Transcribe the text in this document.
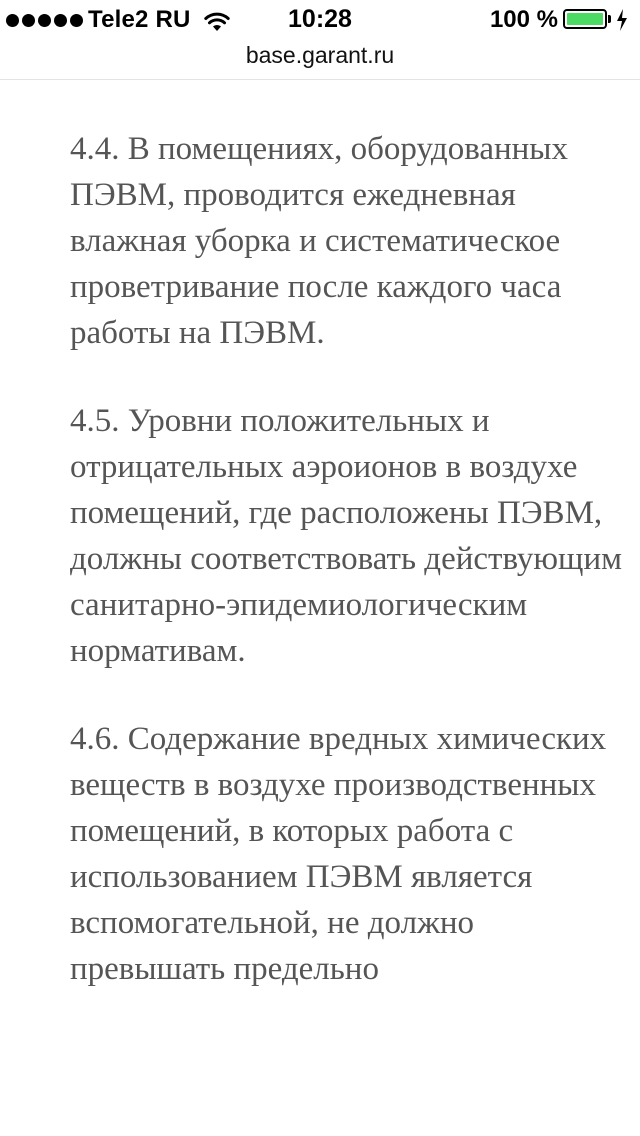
Tele2 RU	10:28	100 %
base.garant.ru

4.4. В помещениях, оборудованных ПЭВМ, проводится ежедневная влажная уборка и систематическое проветривание после каждого часа работы на ПЭВМ.

4.5. Уровни положительных и отрицательных аэроионов в воздухе помещений, где расположены ПЭВМ, должны соответствовать действующим санитарно-эпидемиологическим нормативам.

4.6. Содержание вредных химических веществ в воздухе производственных помещений, в которых работа с использованием ПЭВМ является вспомогательной, не должно превышать предельно
